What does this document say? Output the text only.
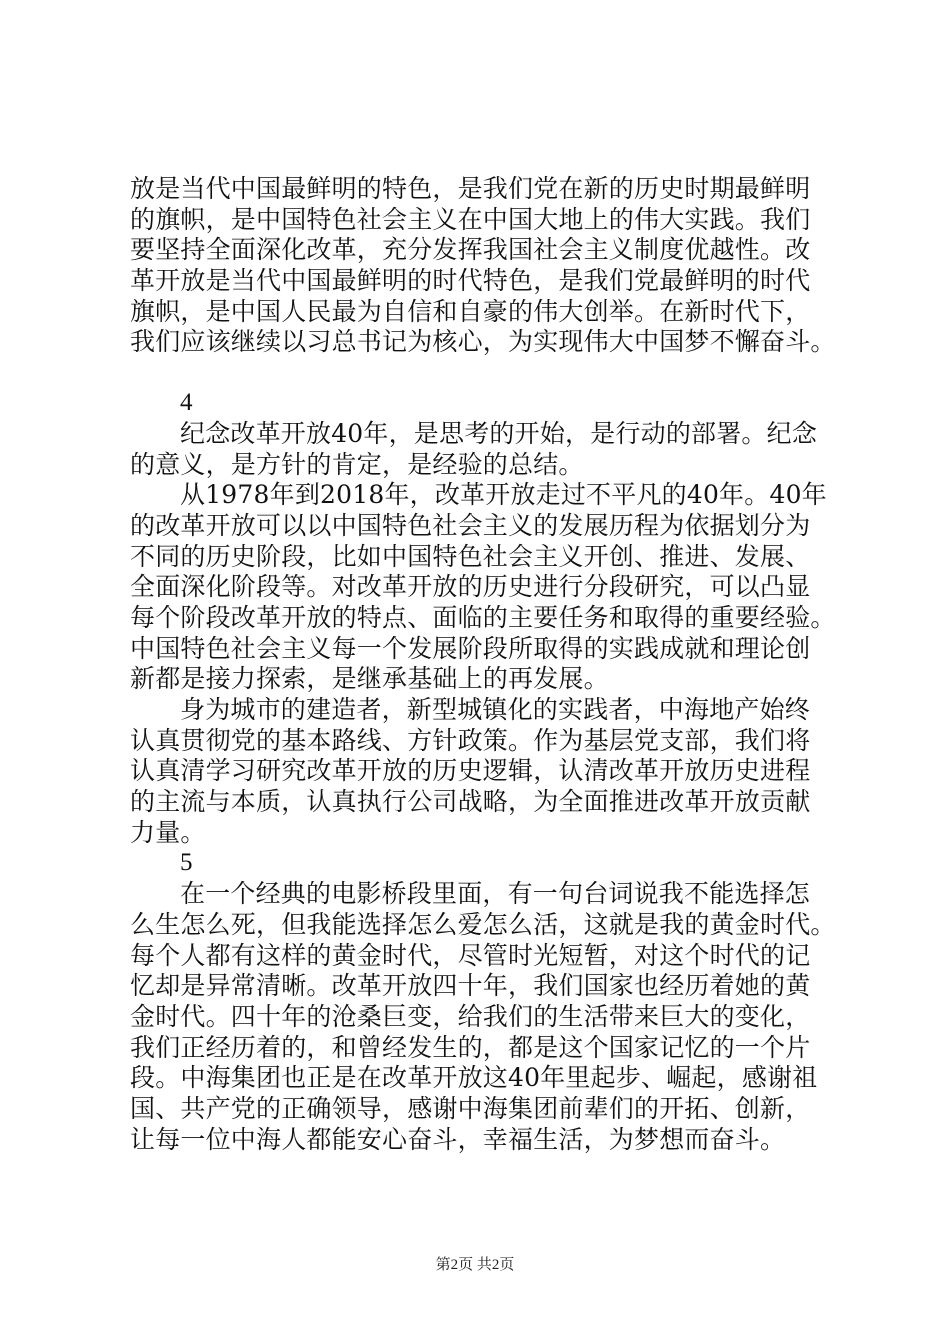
放是当代中国最鲜明的特色，是我们党在新的历史时期最鲜明
的旗帜，是中国特色社会主义在中国大地上的伟大实践。我们
要坚持全面深化改革，充分发挥我国社会主义制度优越性。改
革开放是当代中国最鲜明的时代特色，是我们党最鲜明的时代
旗帜，是中国人民最为自信和自豪的伟大创举。在新时代下，
我们应该继续以习总书记为核心，为实现伟大中国梦不懈奋斗。
4
纪念改革开放40年，是思考的开始，是行动的部署。纪念
的意义，是方针的肯定，是经验的总结。
从1978年到2018年，改革开放走过不平凡的40年。40年
的改革开放可以以中国特色社会主义的发展历程为依据划分为
不同的历史阶段，比如中国特色社会主义开创、推进、发展、
全面深化阶段等。对改革开放的历史进行分段研究，可以凸显
每个阶段改革开放的特点、面临的主要任务和取得的重要经验。
中国特色社会主义每一个发展阶段所取得的实践成就和理论创
新都是接力探索，是继承基础上的再发展。
身为城市的建造者，新型城镇化的实践者，中海地产始终
认真贯彻党的基本路线、方针政策。作为基层党支部，我们将
认真清学习研究改革开放的历史逻辑，认清改革开放历史进程
的主流与本质，认真执行公司战略，为全面推进改革开放贡献
力量。
5
在一个经典的电影桥段里面，有一句台词说我不能选择怎
么生怎么死，但我能选择怎么爱怎么活，这就是我的黄金时代。
每个人都有这样的黄金时代，尽管时光短暂，对这个时代的记
忆却是异常清晰。改革开放四十年，我们国家也经历着她的黄
金时代。四十年的沧桑巨变，给我们的生活带来巨大的变化，
我们正经历着的，和曾经发生的，都是这个国家记忆的一个片
段。中海集团也正是在改革开放这40年里起步、崛起，感谢祖
国、共产党的正确领导，感谢中海集团前辈们的开拓、创新，
让每一位中海人都能安心奋斗，幸福生活，为梦想而奋斗。
第2页 共2页
